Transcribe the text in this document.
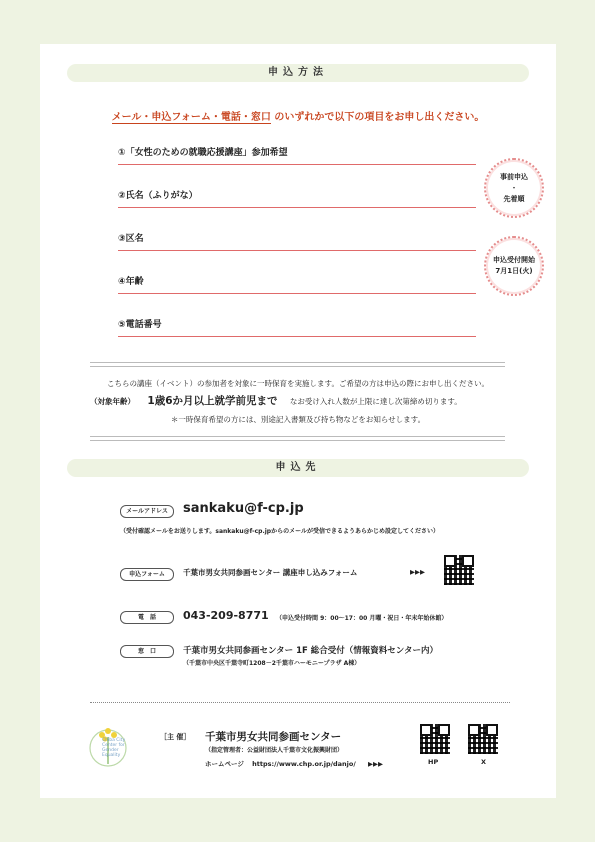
申込方法
メール・申込フォーム・電話・窓口 のいずれかで以下の項目をお申し出ください。
①「女性のための就職応援講座」参加希望
②氏名（ふりがな）
③区名
④年齢
⑤電話番号
事前申込
・
先着順
申込受付開始
7月1日(火)
こちらの講座（イベント）の参加者を対象に一時保育を実施します。ご希望の方は申込の際にお申し出ください。
（対象年齢） 1歳6か月以上就学前児まで なお受け入れ人数が上限に達し次第締め切ります。
＊一時保育希望の方には、別途記入書類及び持ち物などをお知らせします。
申込先
メールアドレス	sankaku@f-cp.jp
（受付確認メールをお送りします。sankaku@f-cp.jpからのメールが受信できるようあらかじめ設定してください）
申込フォーム	千葉市男女共同参画センター 講座申し込みフォーム	▶▶▶
電　話	043-209-8771 （申込受付時間 9：00～17：00 月曜・祝日・年末年始休館）
窓　口	千葉市男女共同参画センター 1F 総合受付（情報資料センター内）
（千葉市中央区千葉寺町1208－2千葉市ハーモニープラザ A棟）
Chiba City Center for Gender Equality
［主 催］ 千葉市男女共同参画センター
（指定管理者：公益財団法人千葉市文化振興財団）
ホームページ https://www.chp.or.jp/danjo/ ▶▶▶	HP	X
